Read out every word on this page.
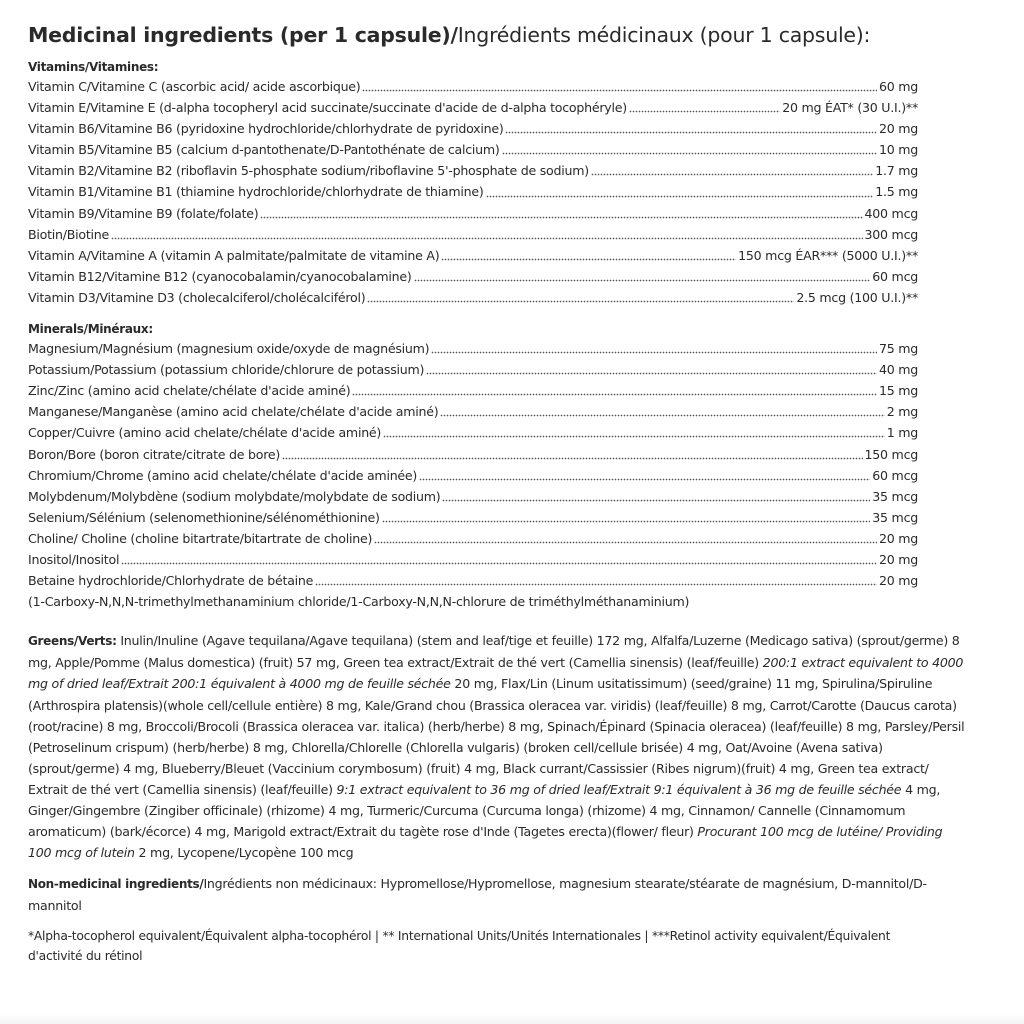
Medicinal ingredients (per 1 capsule)/Ingrédients médicinaux (pour 1 capsule):
Vitamins/Vitamines:
Vitamin C/Vitamine C (ascorbic acid/ acide ascorbique)	60 mg
Vitamin E/Vitamine E (d-alpha tocopheryl acid succinate/succinate d'acide de d-alpha tocophéryle)	20 mg ÉAT* (30 U.I.)**
Vitamin B6/Vitamine B6 (pyridoxine hydrochloride/chlorhydrate de pyridoxine)	20 mg
Vitamin B5/Vitamine B5 (calcium d-pantothenate/D-Pantothénate de calcium)	10 mg
Vitamin B2/Vitamine B2 (riboflavin 5-phosphate sodium/riboflavine 5'-phosphate de sodium)	1.7 mg
Vitamin B1/Vitamine B1 (thiamine hydrochloride/chlorhydrate de thiamine)	1.5 mg
Vitamin B9/Vitamine B9 (folate/folate)	400 mcg
Biotin/Biotine	300 mcg
Vitamin A/Vitamine A (vitamin A palmitate/palmitate de vitamine A)	150 mcg ÉAR*** (5000 U.I.)**
Vitamin B12/Vitamine B12 (cyanocobalamin/cyanocobalamine)	60 mcg
Vitamin D3/Vitamine D3 (cholecalciferol/cholécalciférol)	2.5 mcg (100 U.I.)**
Minerals/Minéraux:
Magnesium/Magnésium (magnesium oxide/oxyde de magnésium)	75 mg
Potassium/Potassium (potassium chloride/chlorure de potassium)	40 mg
Zinc/Zinc (amino acid chelate/chélate d'acide aminé)	15 mg
Manganese/Manganèse (amino acid chelate/chélate d'acide aminé)	2 mg
Copper/Cuivre (amino acid chelate/chélate d'acide aminé)	1 mg
Boron/Bore (boron citrate/citrate de bore)	150 mcg
Chromium/Chrome (amino acid chelate/chélate d'acide aminée)	60 mcg
Molybdenum/Molybdène (sodium molybdate/molybdate de sodium)	35 mcg
Selenium/Sélénium (selenomethionine/sélénométhionine)	35 mcg
Choline/ Choline (choline bitartrate/bitartrate de choline)	20 mg
Inositol/Inositol	20 mg
Betaine hydrochloride/Chlorhydrate de bétaine	20 mg
(1-Carboxy-N,N,N-trimethylmethanaminium chloride/1-Carboxy-N,N,N-chlorure de triméthylméthanaminium)
Greens/Verts: Inulin/Inuline (Agave tequilana/Agave tequilana) (stem and leaf/tige et feuille) 172 mg, Alfalfa/Luzerne (Medicago sativa) (sprout/germe) 8 mg, Apple/Pomme (Malus domestica) (fruit) 57 mg, Green tea extract/Extrait de thé vert (Camellia sinensis) (leaf/feuille) 200:1 extract equivalent to 4000 mg of dried leaf/Extrait 200:1 équivalent à 4000 mg de feuille séchée 20 mg, Flax/Lin (Linum usitatissimum) (seed/graine) 11 mg, Spirulina/Spiruline (Arthrospira platensis)(whole cell/cellule entière) 8 mg, Kale/Grand chou (Brassica oleracea var. viridis) (leaf/feuille) 8 mg, Carrot/Carotte (Daucus carota) (root/racine) 8 mg, Broccoli/Brocoli (Brassica oleracea var. italica) (herb/herbe) 8 mg, Spinach/Épinard (Spinacia oleracea) (leaf/feuille) 8 mg, Parsley/Persil (Petroselinum crispum) (herb/herbe) 8 mg, Chlorella/Chlorelle (Chlorella vulgaris) (broken cell/cellule brisée) 4 mg, Oat/Avoine (Avena sativa)(sprout/germe) 4 mg, Blueberry/Bleuet (Vaccinium corymbosum) (fruit) 4 mg, Black currant/Cassissier (Ribes nigrum)(fruit) 4 mg, Green tea extract/ Extrait de thé vert (Camellia sinensis) (leaf/feuille) 9:1 extract equivalent to 36 mg of dried leaf/Extrait 9:1 équivalent à 36 mg de feuille séchée 4 mg, Ginger/Gingembre (Zingiber officinale) (rhizome) 4 mg, Turmeric/Curcuma (Curcuma longa) (rhizome) 4 mg, Cinnamon/ Cannelle (Cinnamomum aromaticum) (bark/écorce) 4 mg, Marigold extract/Extrait du tagète rose d'Inde (Tagetes erecta)(flower/ fleur) Procurant 100 mcg de lutéine/ Providing 100 mcg of lutein 2 mg, Lycopene/Lycopène 100 mcg
Non-medicinal ingredients/Ingrédients non médicinaux: Hypromellose/Hypromellose, magnesium stearate/stéarate de magnésium, D-mannitol/D-mannitol
*Alpha-tocopherol equivalent/Équivalent alpha-tocophérol | ** International Units/Unités Internationales | ***Retinol activity equivalent/Équivalent d'activité du rétinol
